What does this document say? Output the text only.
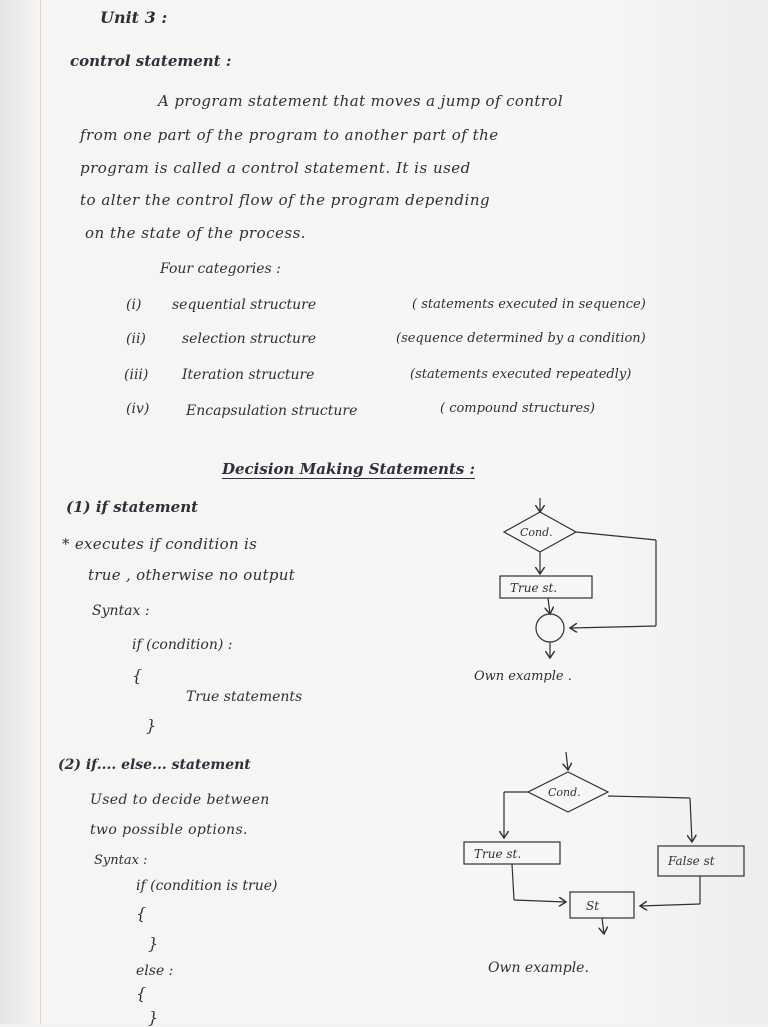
Unit 3 :
control statement :
A program statement that moves a jump of control
from one part of the program to another part of the
program is called a control statement. It is used
to alter the control flow of the program depending
on the state of the process.
Four categories :
(i) sequential structure	( statements executed in sequence)
(ii)	selection structure	(sequence determined by a condition)
(iii) Iteration structure	(statements executed repeatedly)
(iv)	Encapsulation structure	( compound structures)
Decision Making Statements :
(1) if statement
* executes if condition is
true , otherwise no output
Syntax :
if (condition) :
{
True statements
}
(2) if.... else... statement
Used to decide between
two possible options.
Syntax :
if (condition is true)
{
}
else :
{
}
Cond.
True st.
Own example .
Cond.
True st.	False st
St
Own example.
